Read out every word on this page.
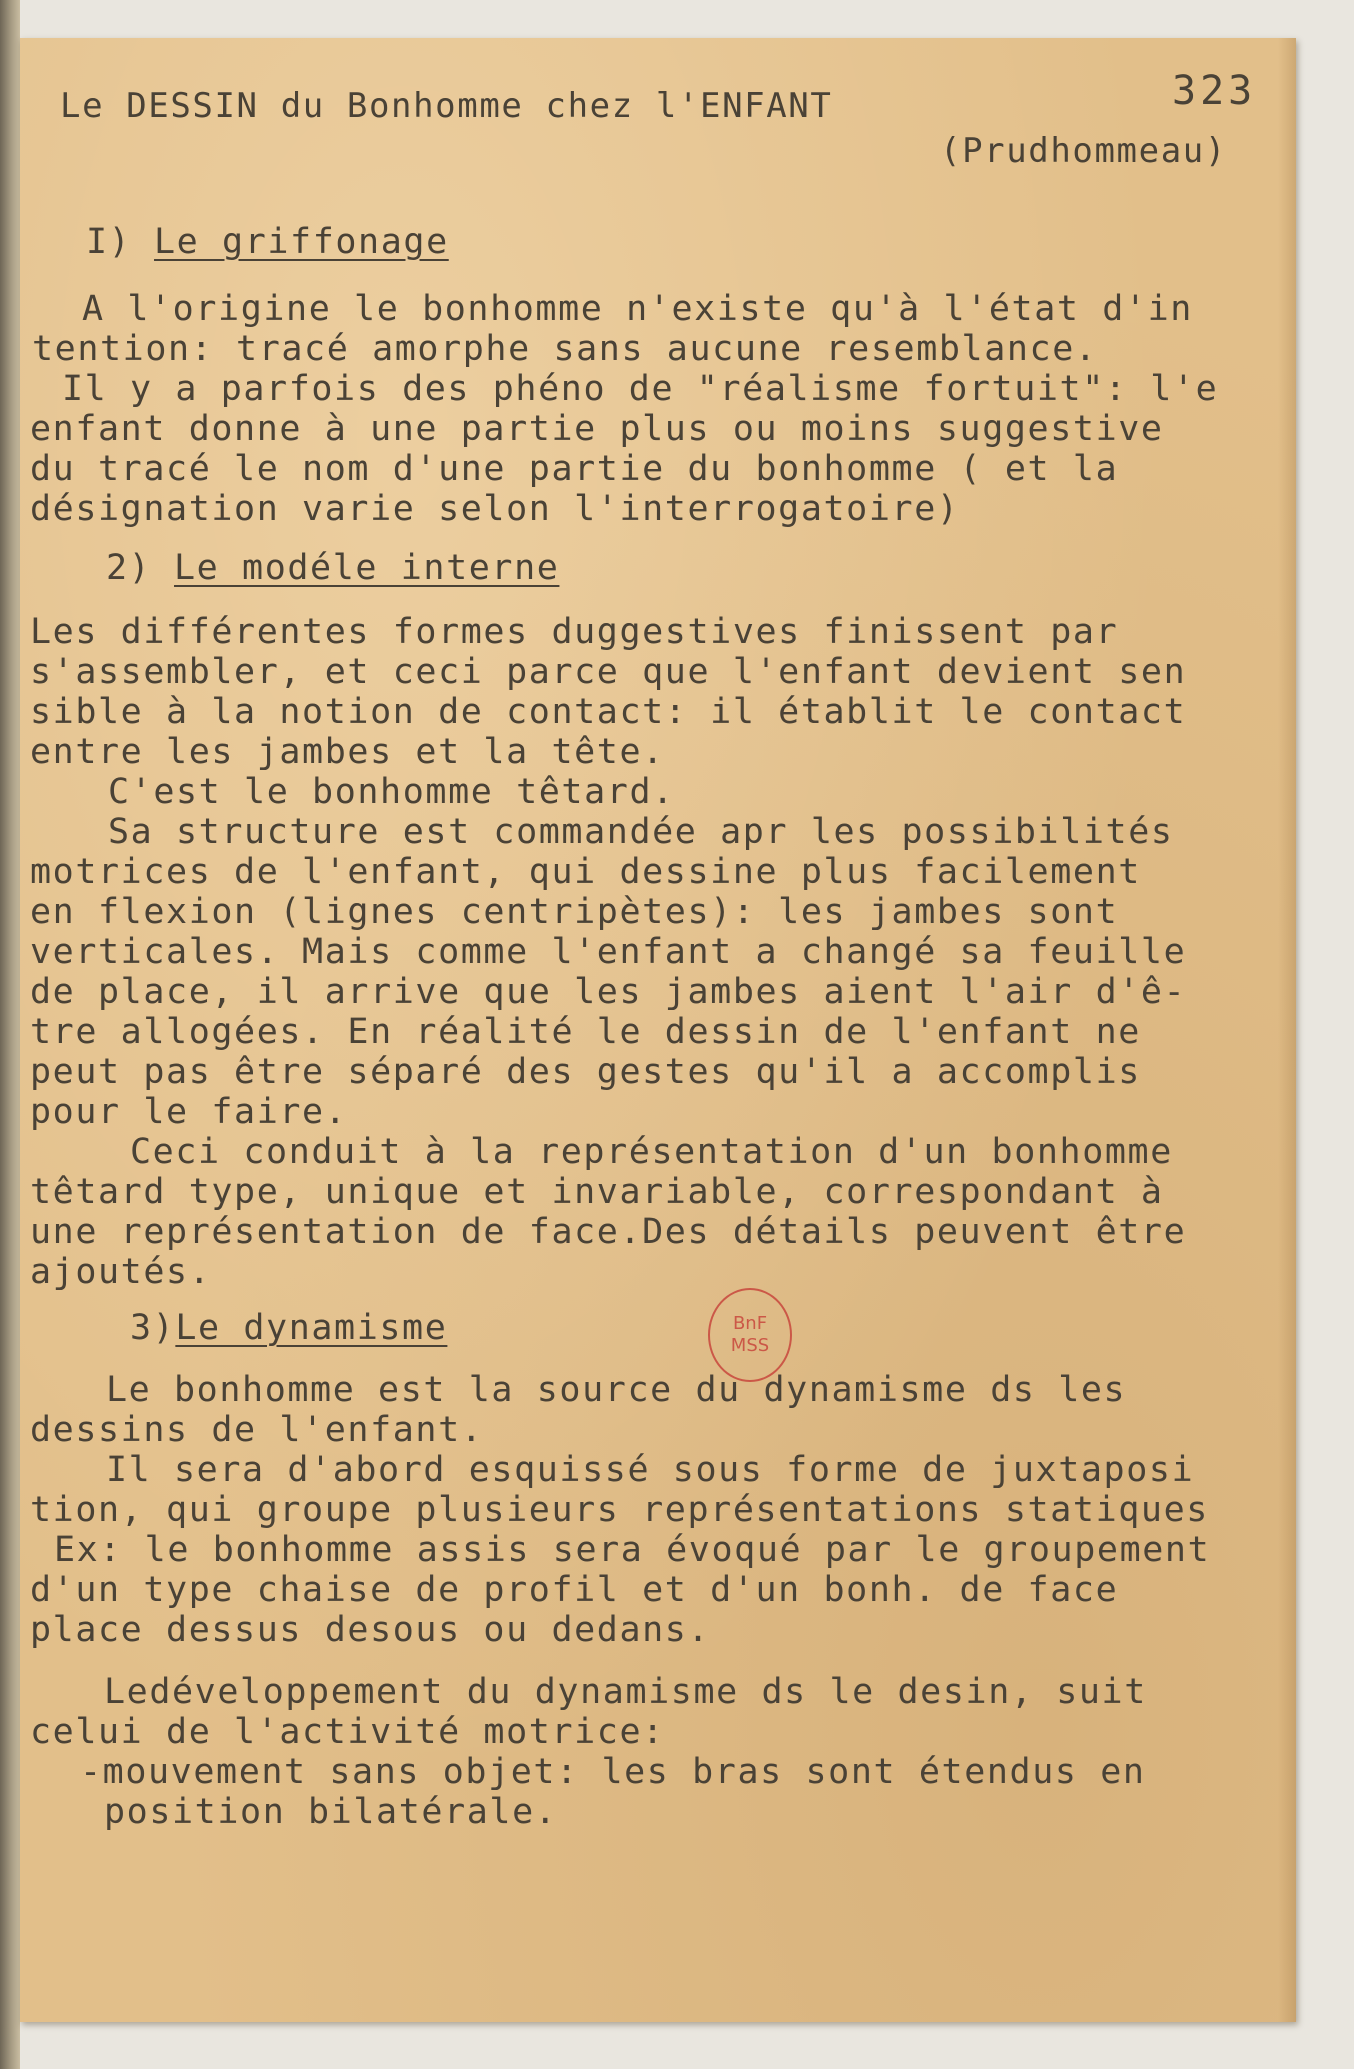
Le DESSIN du Bonhomme chez l'ENFANT	323
(Prudhommeau)
I) Le griffonage
A l'origine le bonhomme n'existe qu'à l'état d'in
tention: tracé amorphe sans aucune resemblance.
Il y a parfois des phéno de "réalisme fortuit": l'e
enfant donne à une partie plus ou moins suggestive
du tracé le nom d'une partie du bonhomme ( et la
désignation varie selon l'interrogatoire)
2) Le modéle interne
Les différentes formes duggestives finissent par
s'assembler, et ceci parce que l'enfant devient sen
sible à la notion de contact: il établit le contact
entre les jambes et la tête.
C'est le bonhomme têtard.
Sa structure est commandée apr les possibilités
motrices de l'enfant, qui dessine plus facilement
en flexion (lignes centripètes): les jambes sont
verticales. Mais comme l'enfant a changé sa feuille
de place, il arrive que les jambes aient l'air d'ê-
tre allogées. En réalité le dessin de l'enfant ne
peut pas être séparé des gestes qu'il a accomplis
pour le faire.
Ceci conduit à la représentation d'un bonhomme
têtard type, unique et invariable, correspondant à
une représentation de face.Des détails peuvent être
ajoutés.
BnF
MSS
3)Le dynamisme
Le bonhomme est la source du dynamisme ds les
dessins de l'enfant.
Il sera d'abord esquissé sous forme de juxtaposi
tion, qui groupe plusieurs représentations statiques
Ex: le bonhomme assis sera évoqué par le groupement
d'un type chaise de profil et d'un bonh. de face
place dessus desous ou dedans.
Ledéveloppement du dynamisme ds le desin, suit
celui de l'activité motrice:
-mouvement sans objet: les bras sont étendus en
position bilatérale.
